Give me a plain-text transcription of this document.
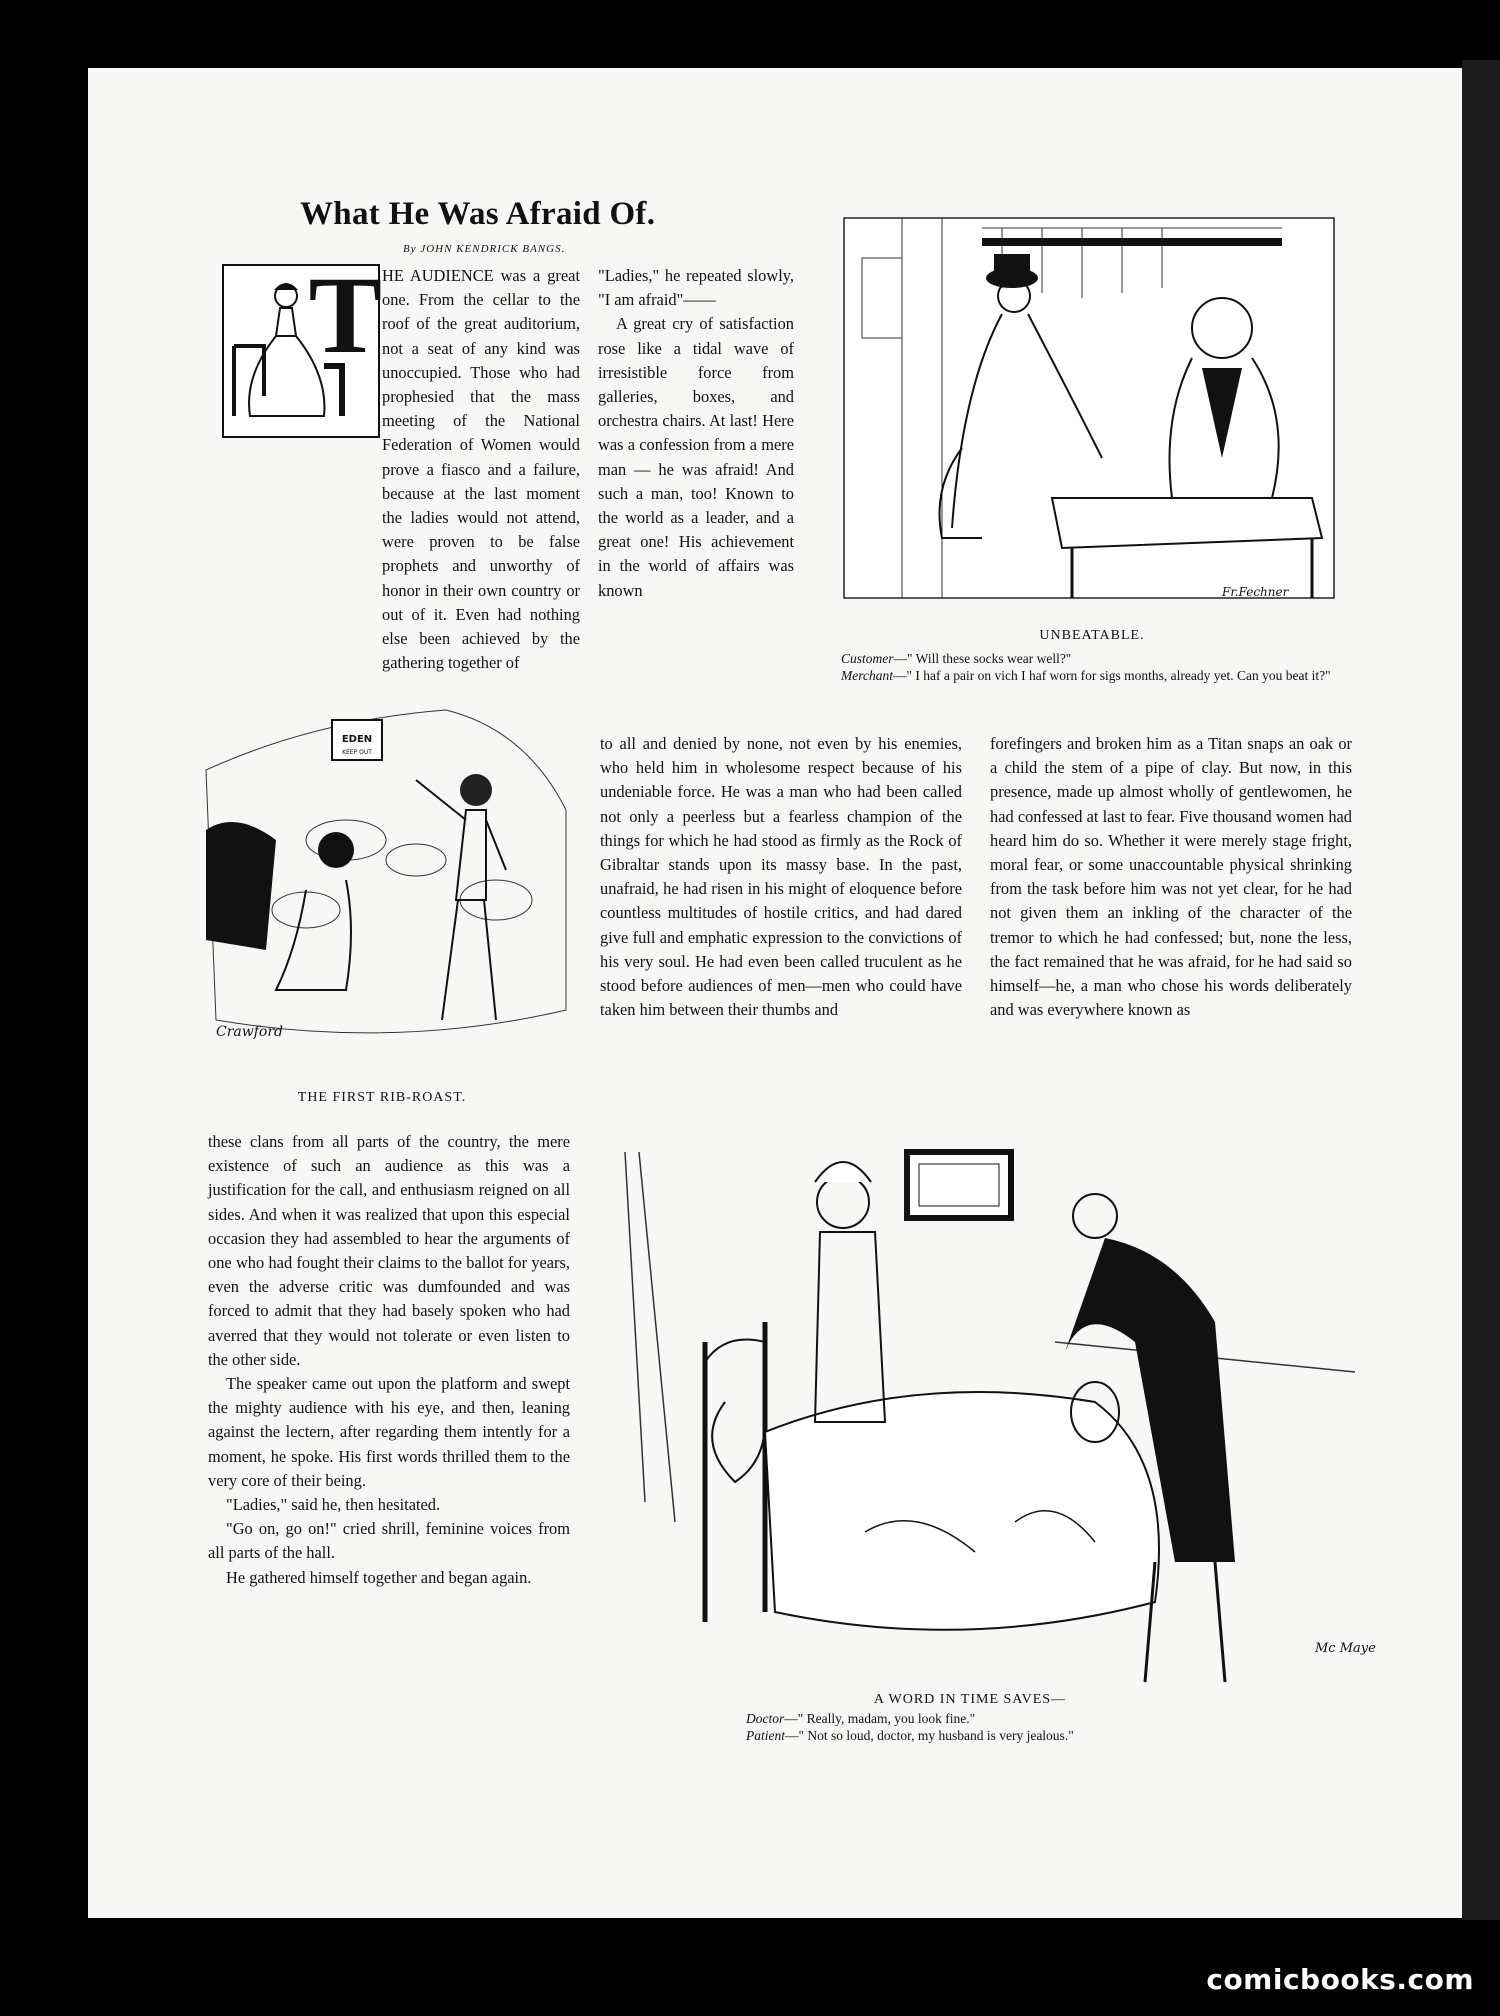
What He Was Afraid Of.
By JOHN KENDRICK BANGS.
T HE AUDIENCE was a great one. From the cellar to the roof of the great auditorium, not a seat of any kind was unoccupied. Those who had prophesied that the mass meeting of the National Federation of Women would prove a fiasco and a failure, because at the last moment the ladies would not attend, were proven to be false prophets and unworthy of honor in their own country or out of it. Even had nothing else been achieved by the gathering together of

"Ladies," he repeated slowly, "I am afraid"——

A great cry of satisfaction rose like a tidal wave of irresistible force from galleries, boxes, and orchestra chairs. At last! Here was a confession from a mere man — he was afraid! And such a man, too! Known to the world as a leader, and a great one! His achievement in the world of affairs was known	Fr.Fechner
UNBEATABLE.
Customer—" Will these socks wear well?"
Merchant—" I haf a pair on vich I haf worn for sigs months, already yet. Can you beat it?"
EDEN
KEEP OUT
Crawford
THE FIRST RIB-ROAST.
to all and denied by none, not even by his enemies, who held him in wholesome respect because of his undeniable force. He was a man who had been called not only a peerless but a fearless champion of the things for which he had stood as firmly as the Rock of Gibraltar stands upon its massy base. In the past, unafraid, he had risen in his might of eloquence before countless multitudes of hostile critics, and had dared give full and emphatic expression to the convictions of his very soul. He had even been called truculent as he stood before audiences of men—men who could have taken him between their thumbs and
forefingers and broken him as a Titan snaps an oak or a child the stem of a pipe of clay. But now, in this presence, made up almost wholly of gentlewomen, he had confessed at last to fear. Five thousand women had heard him do so. Whether it were merely stage fright, moral fear, or some unaccountable physical shrinking from the task before him was not yet clear, for he had not given them an inkling of the character of the tremor to which he had confessed; but, none the less, the fact remained that he was afraid, for he had said so himself—he, a man who chose his words deliberately and was everywhere known as

these clans from all parts of the country, the mere existence of such an audience as this was a justification for the call, and enthusiasm reigned on all sides. And when it was realized that upon this especial occasion they had assembled to hear the arguments of one who had fought their claims to the ballot for years, even the adverse critic was dumfounded and was forced to admit that they had basely spoken who had averred that they would not tolerate or even listen to the other side.

The speaker came out upon the platform and swept the mighty audience with his eye, and then, leaning against the lectern, after regarding them intently for a moment, he spoke. His first words thrilled them to the very core of their being.

"Ladies," said he, then hesitated.

"Go on, go on!" cried shrill, feminine voices from all parts of the hall.

He gathered himself together and began again.

Mc Maye
A WORD IN TIME SAVES—
Doctor—" Really, madam, you look fine."
Patient—" Not so loud, doctor, my husband is very jealous."
comicbooks.com
